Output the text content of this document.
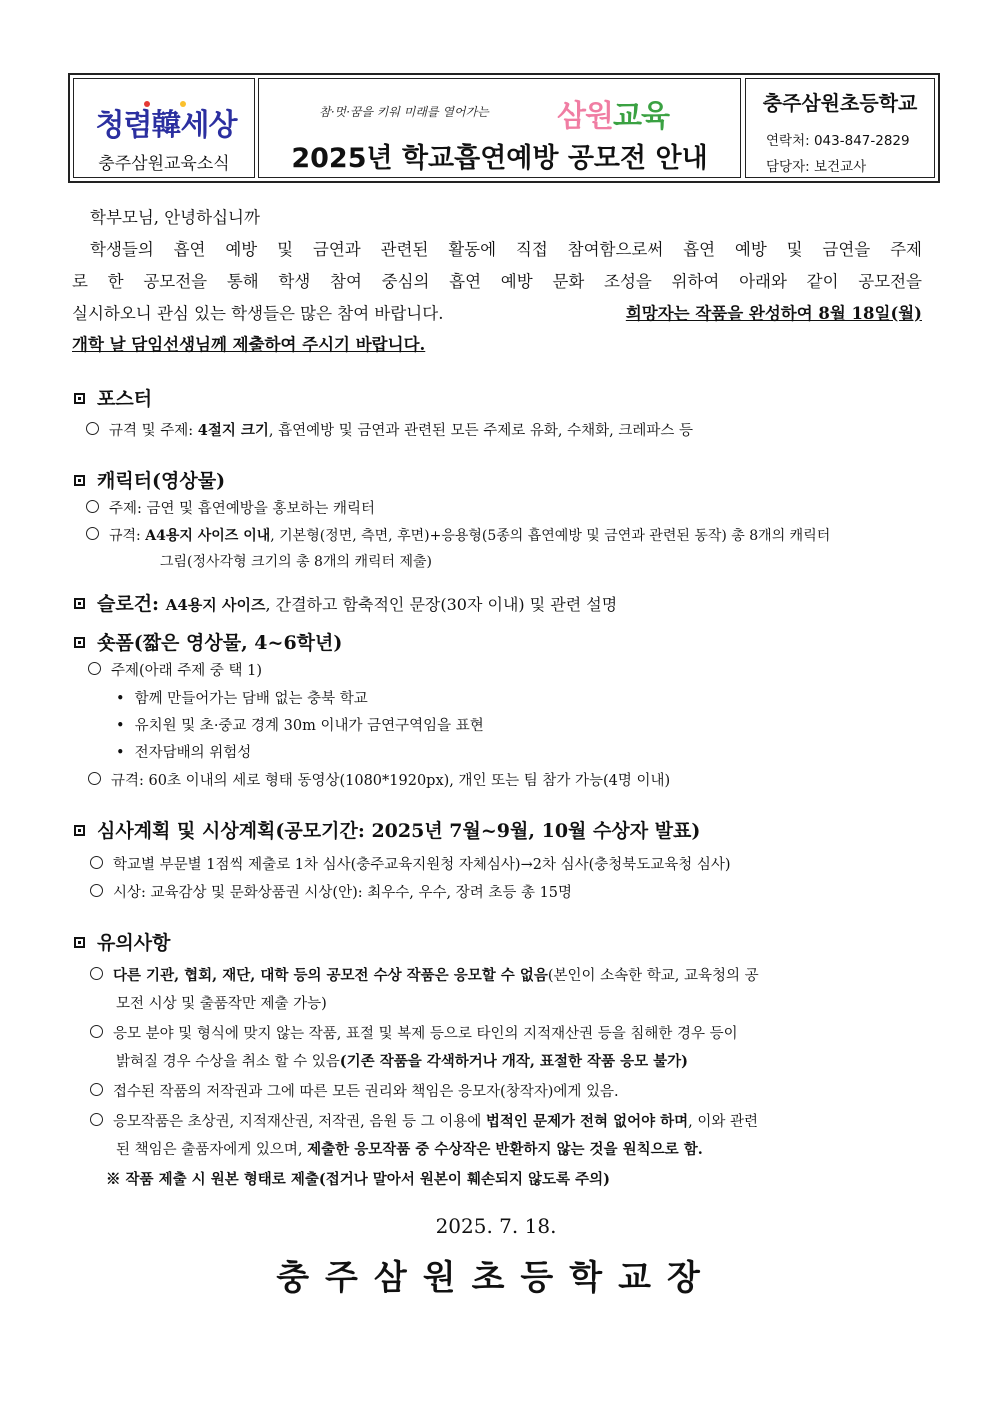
청렴韓세상
충주삼원교육소식
참·멋·꿈을 키워 미래를 열어가는 삼원교육
2025년 학교흡연예방 공모전 안내
충주삼원초등학교
연락처: 043-847-2829
담당자: 보건교사
학부모님, 안녕하십니까
학생들의 흡연 예방 및 금연과 관련된 활동에 직접 참여함으로써 흡연 예방 및 금연을 주제
로 한 공모전을 통해 학생 참여 중심의 흡연 예방 문화 조성을 위하여 아래와 같이 공모전을
실시하오니 관심 있는 학생들은 많은 참여 바랍니다.	희망자는 작품을 완성하여 8월 18일(월)
개학 날 담임선생님께 제출하여 주시기 바랍니다.
포스터
규격 및 주제: 4절지 크기, 흡연예방 및 금연과 관련된 모든 주제로 유화, 수채화, 크레파스 등
캐릭터(영상물)
주제: 금연 및 흡연예방을 홍보하는 캐릭터
규격: A4용지 사이즈 이내, 기본형(정면, 측면, 후면)+응용형(5종의 흡연예방 및 금연과 관련된 동작) 총 8개의 캐릭터
그림(정사각형 크기의 총 8개의 캐릭터 제출)
슬로건: A4용지 사이즈, 간결하고 함축적인 문장(30자 이내) 및 관련 설명
숏폼(짧은 영상물, 4~6학년)
주제(아래 주제 중 택 1)
• 함께 만들어가는 담배 없는 충북 학교
• 유치원 및 초·중교 경계 30m 이내가 금연구역임을 표현
• 전자담배의 위험성
규격: 60초 이내의 세로 형태 동영상(1080*1920px), 개인 또는 팀 참가 가능(4명 이내)
심사계획 및 시상계획(공모기간: 2025년 7월~9월, 10월 수상자 발표)
학교별 부문별 1점씩 제출로 1차 심사(충주교육지원청 자체심사)→2차 심사(충청북도교육청 심사)
시상: 교육감상 및 문화상품권 시상(안): 최우수, 우수, 장려 초등 총 15명
유의사항
다른 기관, 협회, 재단, 대학 등의 공모전 수상 작품은 응모할 수 없음 (본인이 소속한 학교, 교육청의 공
모전 시상 및 출품작만 제출 가능)
응모 분야 및 형식에 맞지 않는 작품, 표절 및 복제 등으로 타인의 지적재산권 등을 침해한 경우 등이
밝혀질 경우 수상을 취소 할 수 있음(기존 작품을 각색하거나 개작, 표절한 작품 응모 불가)
접수된 작품의 저작권과 그에 따른 모든 권리와 책임은 응모자(창작자)에게 있음.
응모작품은 초상권, 지적재산권, 저작권, 음원 등 그 이용에 법적인 문제가 전혀 없어야 하며, 이와 관련
된 책임은 출품자에게 있으며, 제출한 응모작품 중 수상작은 반환하지 않는 것을 원칙으로 함.
※ 작품 제출 시 원본 형태로 제출(접거나 말아서 원본이 훼손되지 않도록 주의)
2025. 7. 18.
충주삼원초등학교장
